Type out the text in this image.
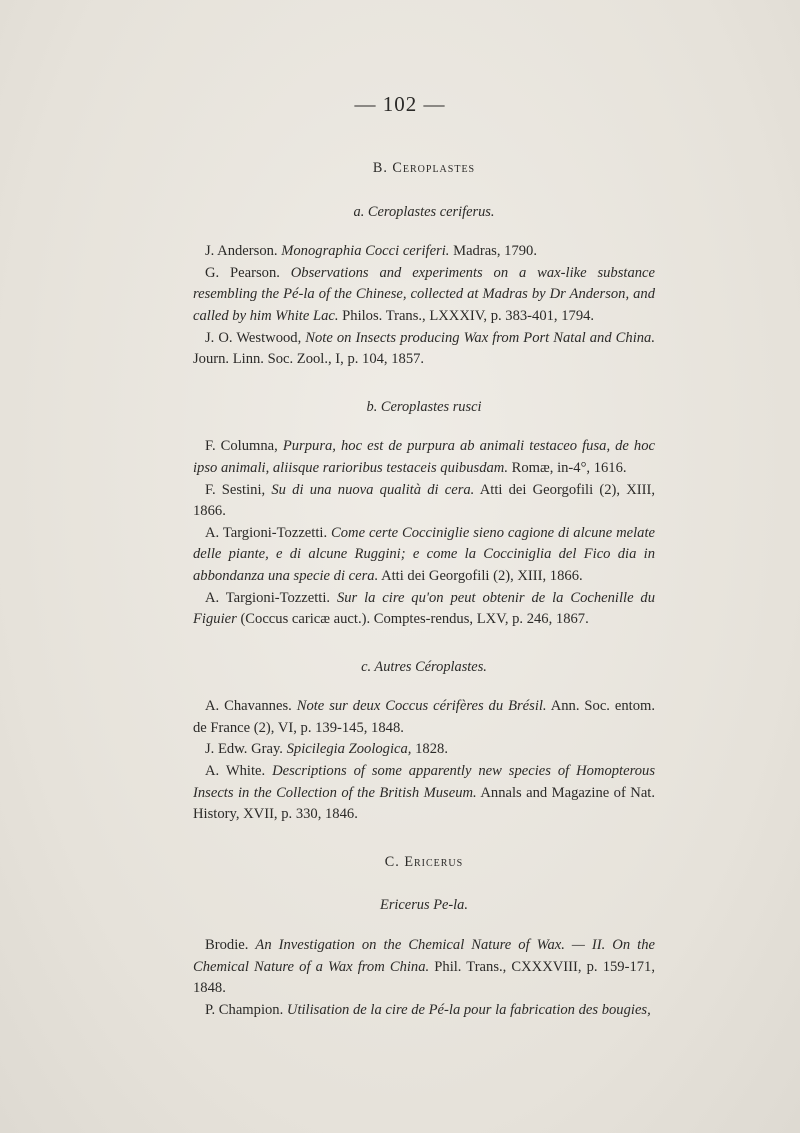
— 102 —

B. Ceroplastes

a. Ceroplastes ceriferus.

J. Anderson. Monographia Cocci ceriferi. Madras, 1790.

G. Pearson. Observations and experiments on a wax-like substance resembling the Pé-la of the Chinese, collected at Madras by Dr Anderson, and called by him White Lac. Philos. Trans., LXXXIV, p. 383-401, 1794.

J. O. Westwood, Note on Insects producing Wax from Port Natal and China. Journ. Linn. Soc. Zool., I, p. 104, 1857.

b. Ceroplastes rusci

F. Columna, Purpura, hoc est de purpura ab animali testaceo fusa, de hoc ipso animali, aliisque rarioribus testaceis quibusdam. Romæ, in-4°, 1616.

F. Sestini, Su di una nuova qualità di cera. Atti dei Georgofili (2), XIII, 1866.

A. Targioni-Tozzetti. Come certe Cocciniglie sieno cagione di alcune melate delle piante, e di alcune Ruggini; e come la Cocciniglia del Fico dia in abbondanza una specie di cera. Atti dei Georgofili (2), XIII, 1866.

A. Targioni-Tozzetti. Sur la cire qu'on peut obtenir de la Cochenille du Figuier (Coccus caricæ auct.). Comptes-rendus, LXV, p. 246, 1867.

c. Autres Céroplastes.

A. Chavannes. Note sur deux Coccus cérifères du Brésil. Ann. Soc. entom. de France (2), VI, p. 139-145, 1848.

J. Edw. Gray. Spicilegia Zoologica, 1828.

A. White. Descriptions of some apparently new species of Homopterous Insects in the Collection of the British Museum. Annals and Magazine of Nat. History, XVII, p. 330, 1846.

C. Ericerus

Ericerus Pe-la.

Brodie. An Investigation on the Chemical Nature of Wax. — II. On the Chemical Nature of a Wax from China. Phil. Trans., CXXXVIII, p. 159-171, 1848.

P. Champion. Utilisation de la cire de Pé-la pour la fabrication des bougies,
